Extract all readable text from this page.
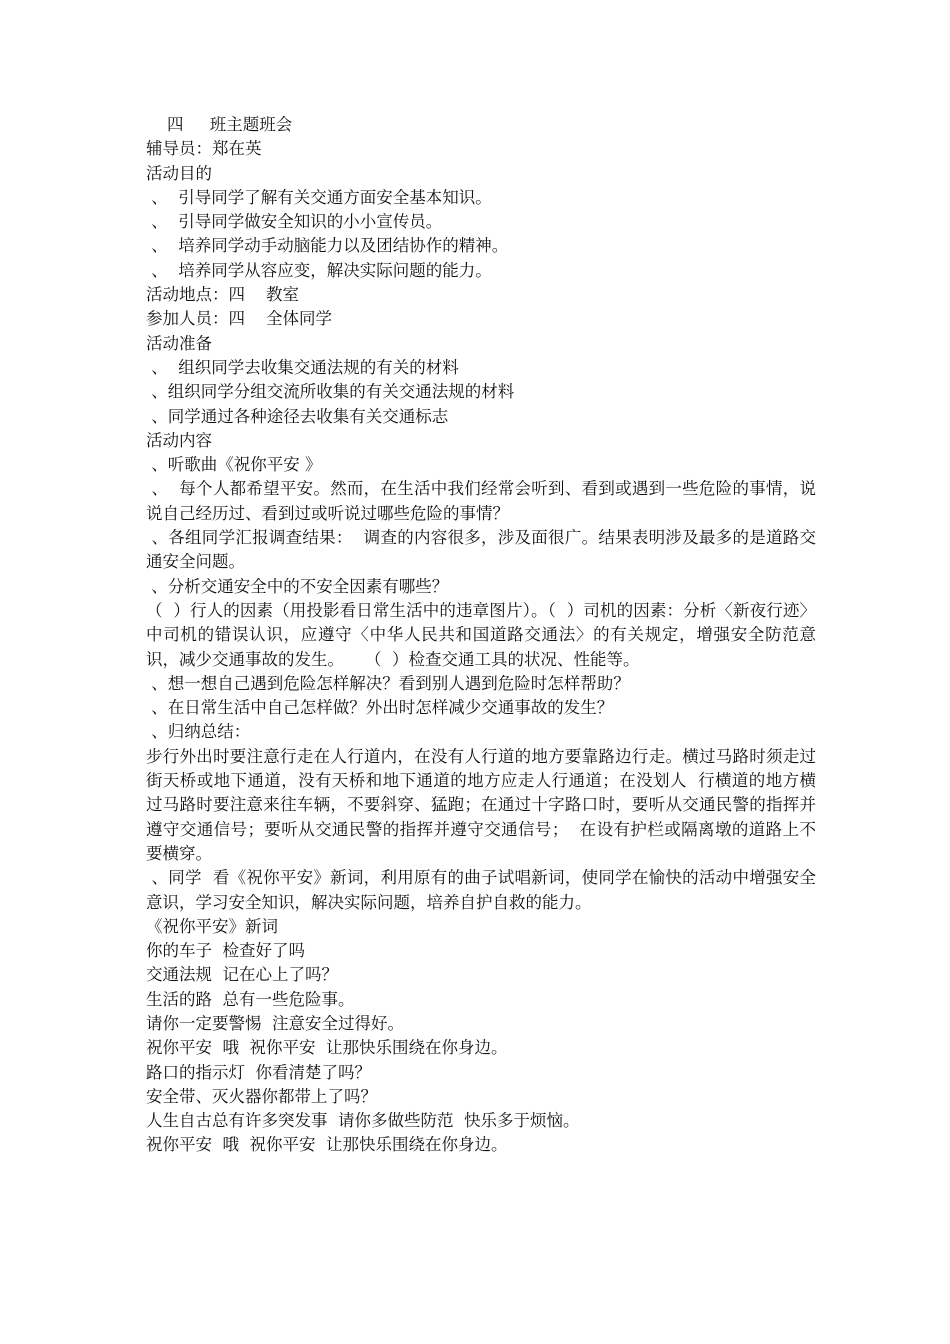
四     班主题班会

辅导员：郑在英

活动目的

、  引导同学了解有关交通方面安全基本知识。

、  引导同学做安全知识的小小宣传员。

、  培养同学动手动脑能力以及团结协作的精神。

、  培养同学从容应变，解决实际问题的能力。

活动地点：四    教室

参加人员：四    全体同学

活动准备

、  组织同学去收集交通法规的有关的材料

、组织同学分组交流所收集的有关交通法规的材料

、同学通过各种途径去收集有关交通标志

活动内容

、听歌曲《祝你平安 》

、  每个人都希望平安。然而，在生活中我们经常会听到、看到或遇到一些危险的事情，说说自己经历过、看到过或听说过哪些危险的事情？

、各组同学汇报调查结果：  调查的内容很多，涉及面很广。结果表明涉及最多的是道路交通安全问题。

、分析交通安全中的不安全因素有哪些？

（  ）行人的因素（用投影看日常生活中的违章图片）。（  ）司机的因素：分析〈新夜行迹〉中司机的错误认识，应遵守〈中华人民共和国道路交通法〉的有关规定，增强安全防范意识，减少交通事故的发生。    （  ）检查交通工具的状况、性能等。

、想一想自己遇到危险怎样解决？看到别人遇到危险时怎样帮助？

、在日常生活中自己怎样做？外出时怎样减少交通事故的发生？

、归纳总结：

步行外出时要注意行走在人行道内，在没有人行道的地方要靠路边行走。横过马路时须走过街天桥或地下通道，没有天桥和地下通道的地方应走人行通道；在没划人  行横道的地方横过马路时要注意来往车辆，不要斜穿、猛跑；在通过十字路口时，要听从交通民警的指挥并遵守交通信号；要听从交通民警的指挥并遵守交通信号；  在设有护栏或隔离墩的道路上不要横穿。

、同学  看《祝你平安》新词，利用原有的曲子试唱新词，使同学在愉快的活动中增强安全意识，学习安全知识，解决实际问题，培养自护自救的能力。

《祝你平安》新词

你的车子  检查好了吗

交通法规  记在心上了吗？

生活的路  总有一些危险事。

请你一定要警惕  注意安全过得好。

祝你平安  哦  祝你平安  让那快乐围绕在你身边。

路口的指示灯  你看清楚了吗？

安全带、灭火器你都带上了吗？

人生自古总有许多突发事  请你多做些防范  快乐多于烦恼。

祝你平安  哦  祝你平安  让那快乐围绕在你身边。
